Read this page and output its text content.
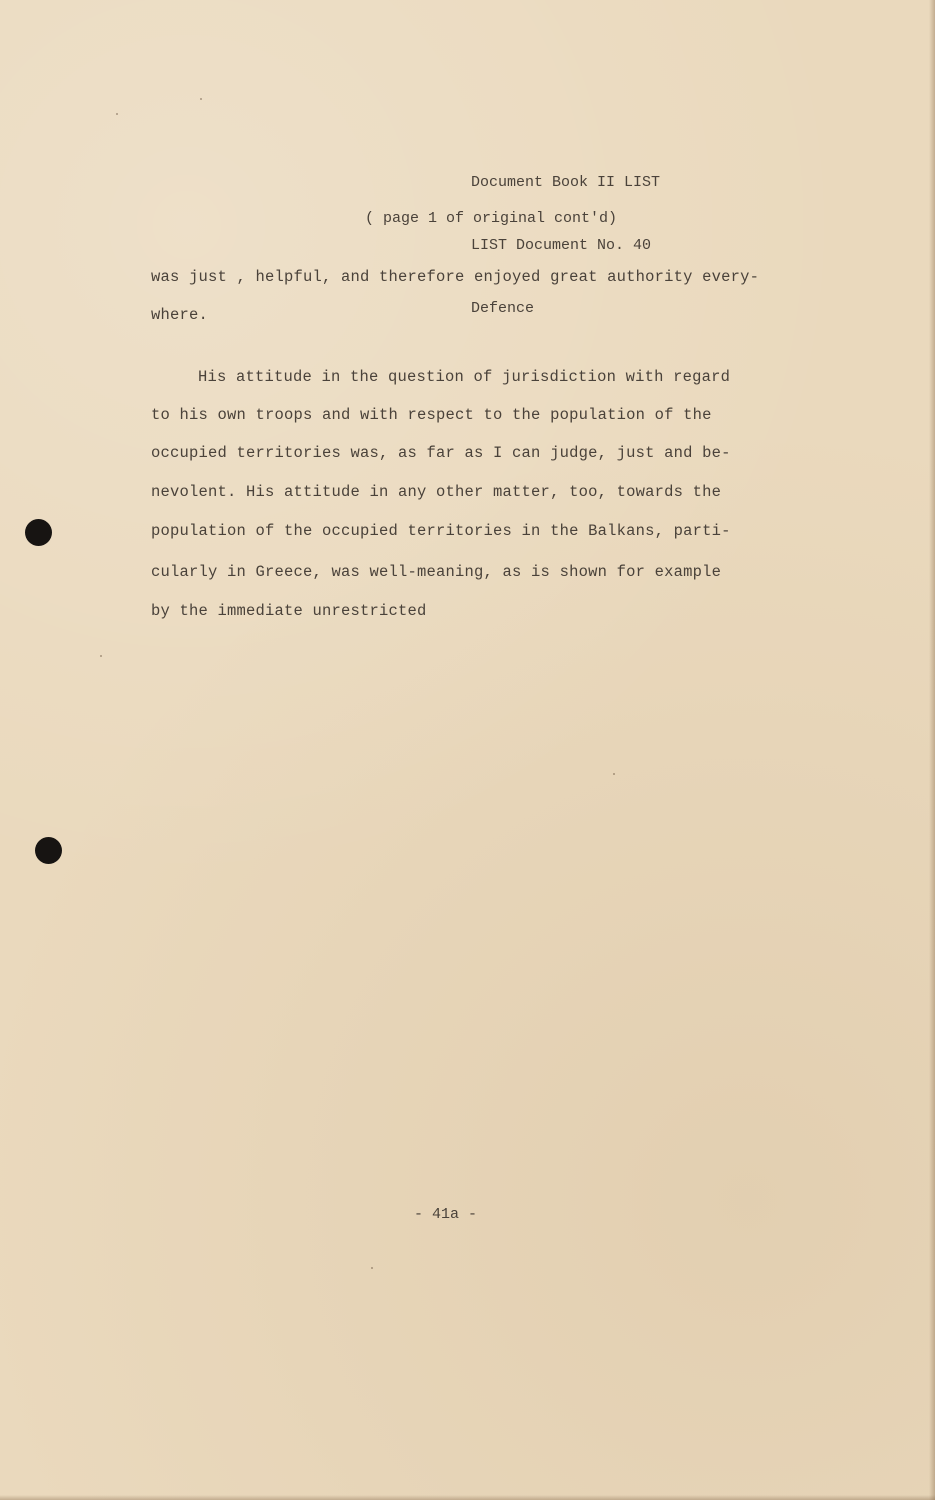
Document Book II LIST

LIST Document No. 40

Defence

( page 1 of original cont'd)
was just , helpful, and therefore enjoyed great authority every-
where.
His attitude in the question of jurisdiction with regard
to his own troops and with respect to the population of the
occupied territories was, as far as I can judge, just and be-
nevolent. His attitude in any other matter, too, towards the
population of the occupied territories in the Balkans, parti-
cularly in Greece, was well-meaning, as is shown for example
by the immediate unrestricted
- 41a -
